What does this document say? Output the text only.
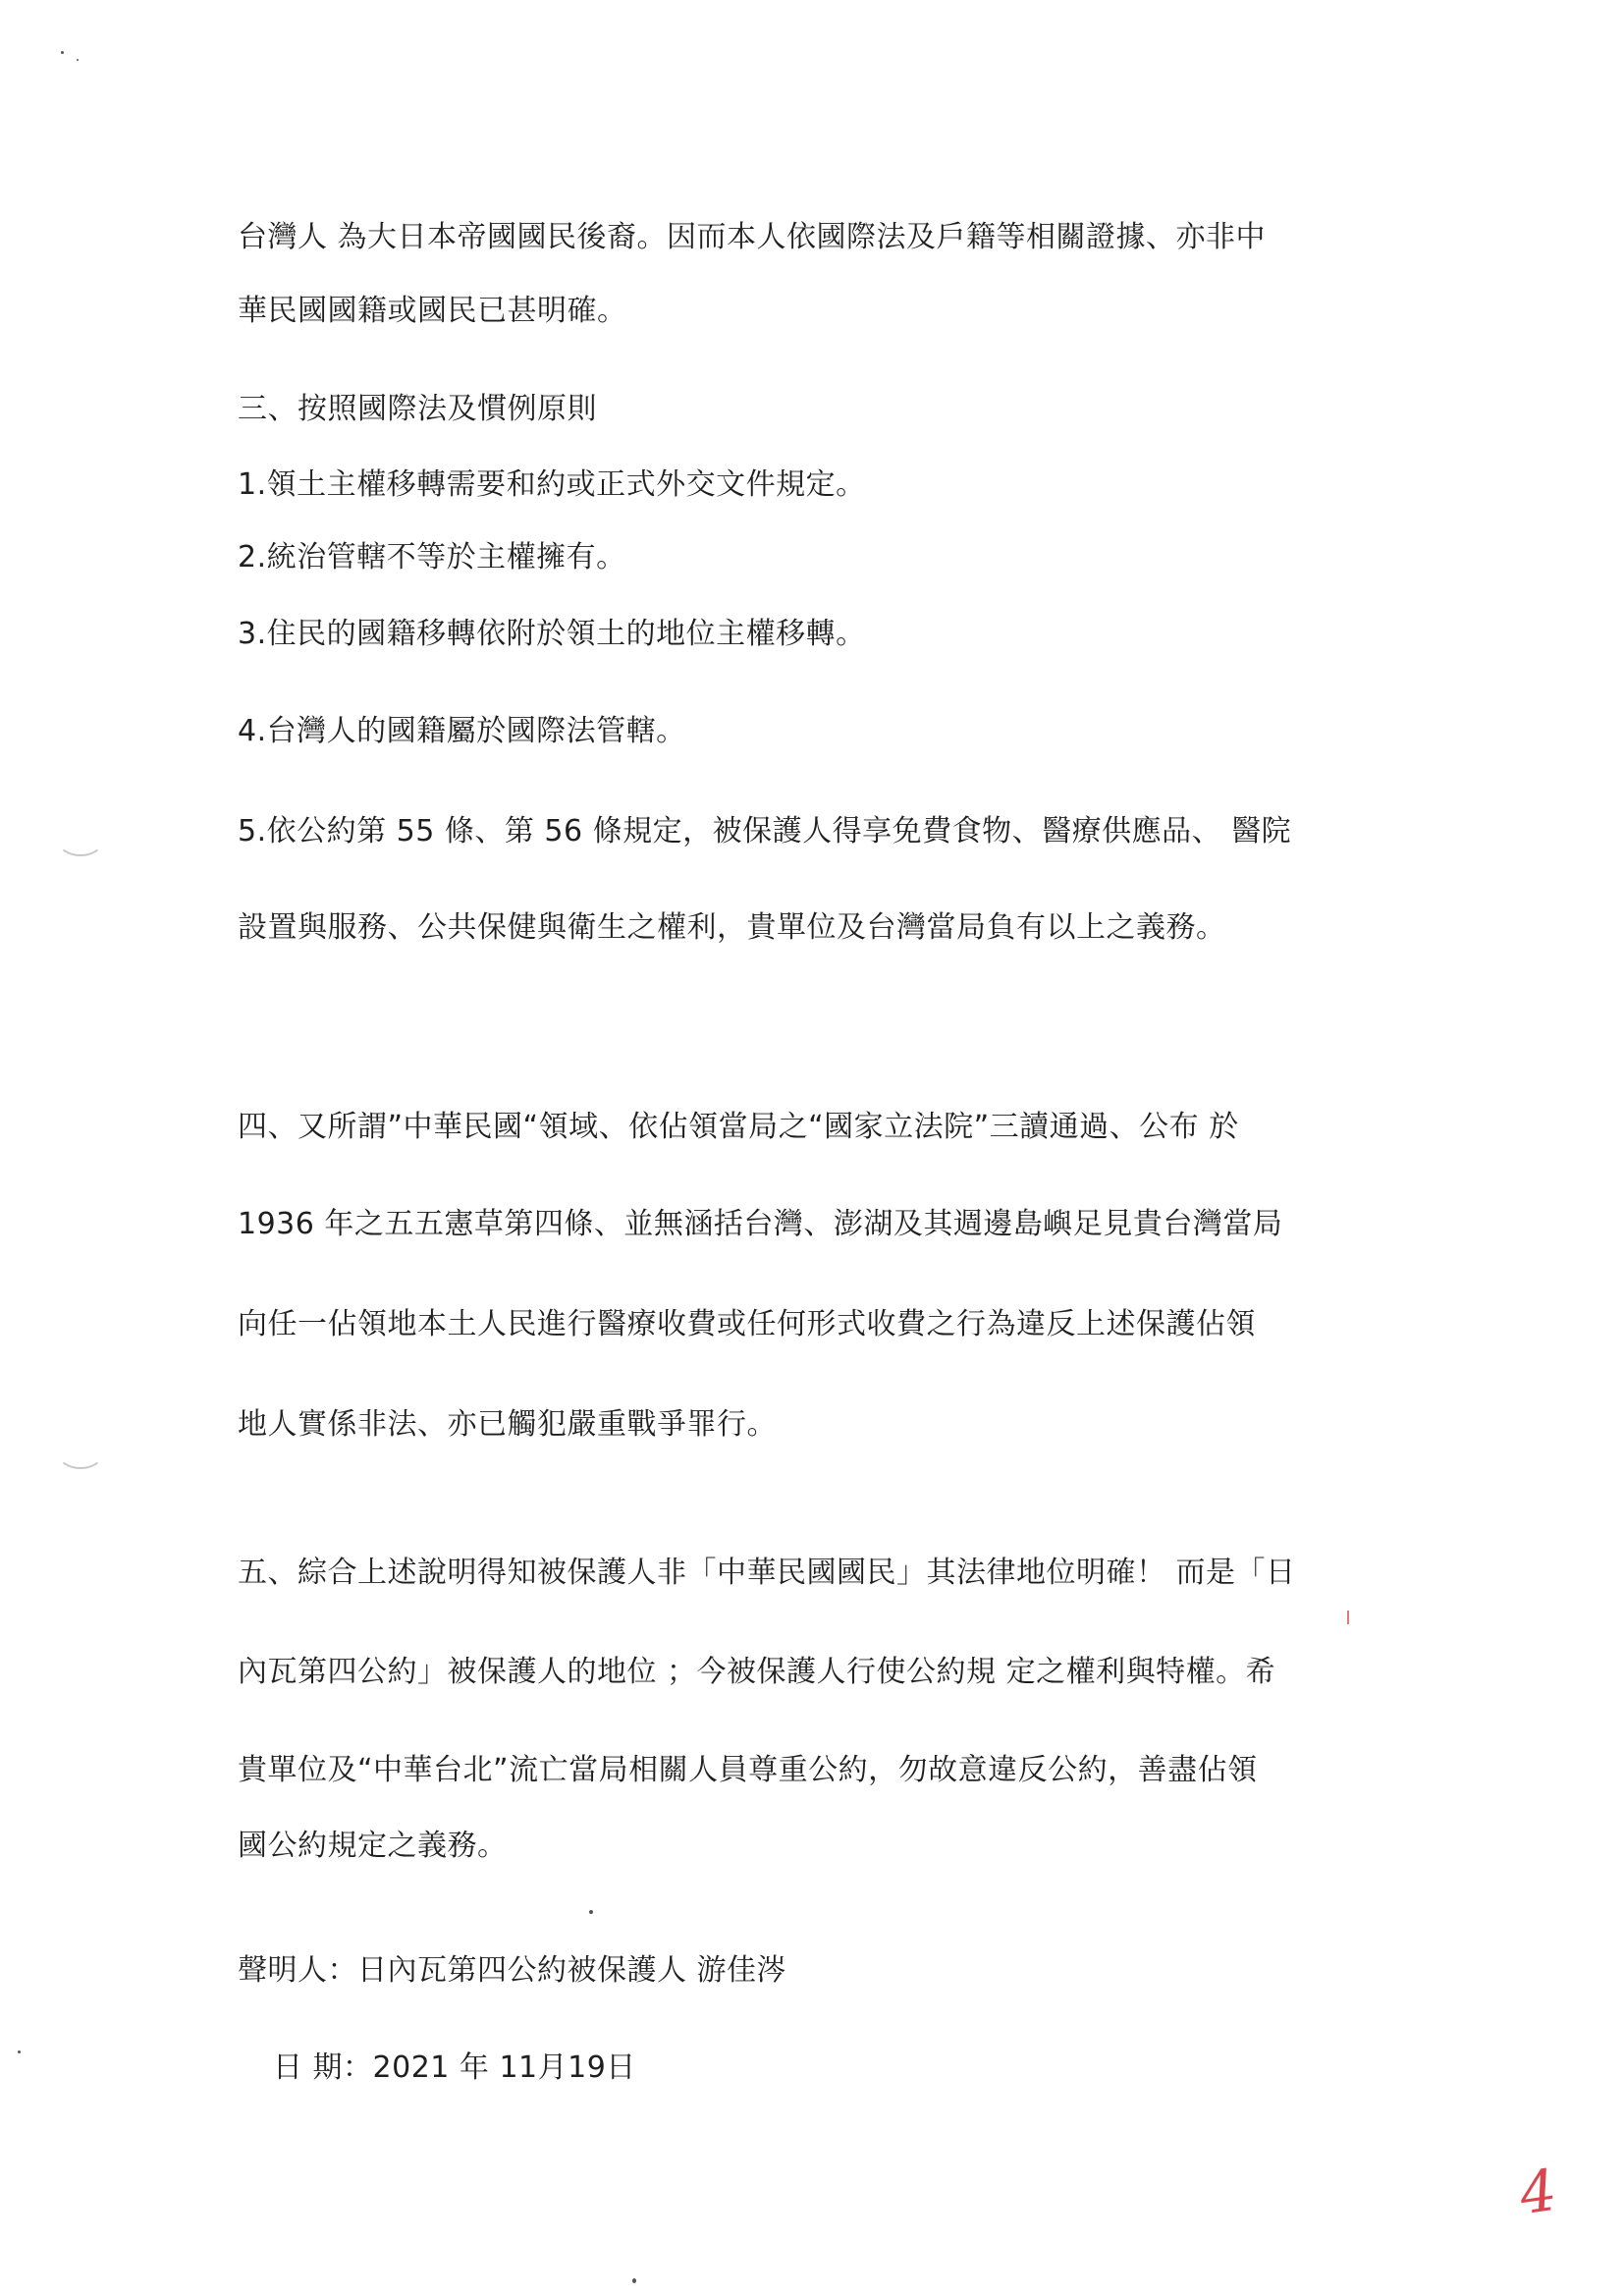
台灣人 為大日本帝國國民後裔。因而本人依國際法及戶籍等相關證據、亦非中
華民國國籍或國民已甚明確。
三、按照國際法及慣例原則
1.領土主權移轉需要和約或正式外交文件規定。
2.統治管轄不等於主權擁有。
3.住民的國籍移轉依附於領土的地位主權移轉。
4.台灣人的國籍屬於國際法管轄。
5.依公約第 55 條、第 56 條規定，被保護人得享免費食物、醫療供應品、 醫院
設置與服務、公共保健與衛生之權利，貴單位及台灣當局負有以上之義務。
四、又所謂”中華民國“領域、依佔領當局之“國家立法院”三讀通過、公布 於
1936 年之五五憲草第四條、並無涵括台灣、澎湖及其週邊島嶼足見貴台灣當局
向任一佔領地本土人民進行醫療收費或任何形式收費之行為違反上述保護佔領
地人實係非法、亦已觸犯嚴重戰爭罪行。
五、綜合上述說明得知被保護人非「中華民國國民」其法律地位明確！ 而是「日
內瓦第四公約」被保護人的地位 ；今被保護人行使公約規 定之權利與特權。希
貴單位及“中華台北”流亡當局相關人員尊重公約，勿故意違反公約，善盡佔領
國公約規定之義務。
聲明人：日內瓦第四公約被保護人 游佳涔
日 期：2021 年 11月19日
4
